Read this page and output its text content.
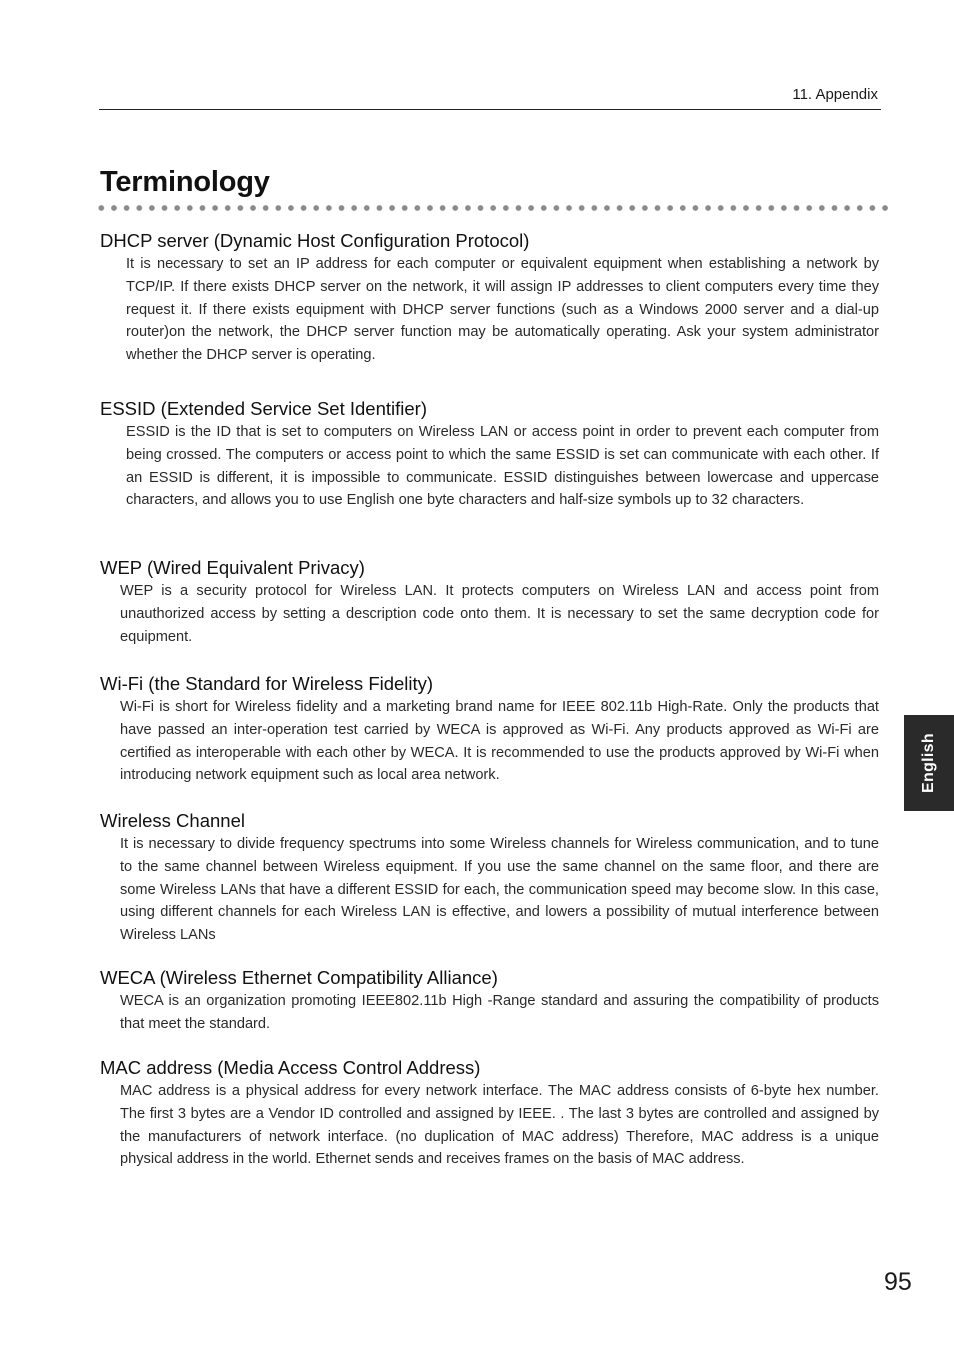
11. Appendix
Terminology
DHCP server (Dynamic Host Configuration Protocol)

It is necessary to set an IP address for each computer or equivalent equipment when establishing a network by TCP/IP. If there exists DHCP server on the network, it will assign IP addresses to client computers every time they request it. If there exists equipment with DHCP server functions (such as a Windows 2000 server and a dial-up router)on the network, the DHCP server function may be automatically operating. Ask your system administrator whether the DHCP server is operating.

ESSID (Extended Service Set Identifier)

ESSID is the ID that is set to computers on Wireless LAN or access point in order to prevent each computer from being crossed. The computers or access point to which the same ESSID is set can communicate with each other. If an ESSID is different, it is impossible to communicate. ESSID distinguishes between lowercase and uppercase characters, and allows you to use English one byte characters and half-size symbols up to 32 characters.

WEP (Wired Equivalent Privacy)

WEP is a security protocol for Wireless LAN. It protects computers on Wireless LAN and access point from unauthorized access by setting a description code onto them. It is necessary to set the same decryption code for equipment.

Wi-Fi (the Standard for Wireless Fidelity)

Wi-Fi is short for Wireless fidelity and a marketing brand name for IEEE 802.11b High-Rate. Only the products that have passed an inter-operation test carried by WECA is approved as Wi-Fi. Any products approved as Wi-Fi are certified as interoperable with each other by WECA. It is recommended to use the products approved by Wi-Fi when introducing network equipment such as local area network.

Wireless Channel

It is necessary to divide frequency spectrums into some Wireless channels for Wireless communication, and to tune to the same channel between Wireless equipment. If you use the same channel on the same floor, and there are some Wireless LANs that have a different ESSID for each, the communication speed may become slow. In this case, using different channels for each Wireless LAN is effective, and lowers a possibility of mutual interference between Wireless LANs

WECA (Wireless Ethernet Compatibility Alliance)

WECA is an organization promoting IEEE802.11b High -Range standard and assuring the compatibility of products that meet the standard.

MAC address (Media Access Control Address)

MAC address is a physical address for every network interface. The MAC address consists of 6-byte hex number. The first 3 bytes are a Vendor ID controlled and assigned by IEEE. . The last 3 bytes are controlled and assigned by the manufacturers of network interface. (no duplication of MAC address) Therefore, MAC address is a unique physical address in the world. Ethernet sends and receives frames on the basis of MAC address.

English
95
